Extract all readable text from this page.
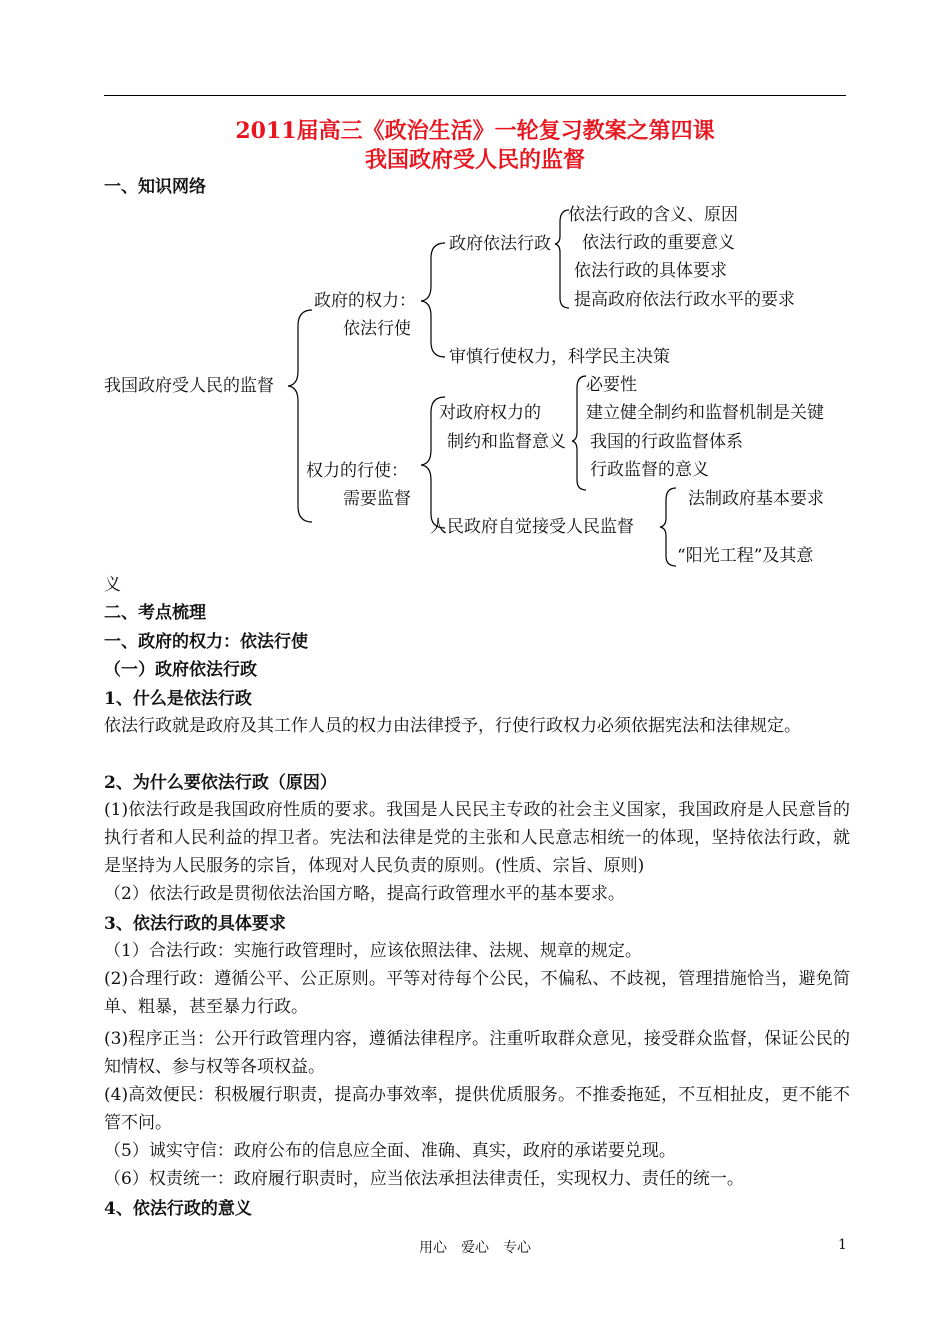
2011届高三《政治生活》一轮复习教案之第四课
我国政府受人民的监督
一、知识网络
我国政府受人民的监督
政府的权力：
依法行使
政府依法行政
依法行政的含义、原因
依法行政的重要意义
依法行政的具体要求
提高政府依法行政水平的要求
审慎行使权力，科学民主决策
权力的行使：
需要监督
对政府权力的
制约和监督意义
必要性
建立健全制约和监督机制是关键
我国的行政监督体系
行政监督的意义
人民政府自觉接受人民监督
法制政府基本要求
“阳光工程”及其意
义
二、考点梳理
一、政府的权力：依法行使
（一）政府依法行政
1、什么是依法行政
依法行政就是政府及其工作人员的权力由法律授予，行使行政权力必须依据宪法和法律规定。
2、为什么要依法行政（原因）
(1)依法行政是我国政府性质的要求。我国是人民民主专政的社会主义国家，我国政府是人民意旨的执行者和人民利益的捍卫者。宪法和法律是党的主张和人民意志相统一的体现，坚持依法行政，就是坚持为人民服务的宗旨，体现对人民负责的原则。(性质、宗旨、原则)
（2）依法行政是贯彻依法治国方略，提高行政管理水平的基本要求。
3、依法行政的具体要求
（1）合法行政：实施行政管理时，应该依照法律、法规、规章的规定。
(2)合理行政：遵循公平、公正原则。平等对待每个公民，不偏私、不歧视，管理措施恰当，避免简单、粗暴，甚至暴力行政。
(3)程序正当：公开行政管理内容，遵循法律程序。注重听取群众意见，接受群众监督，保证公民的知情权、参与权等各项权益。
(4)高效便民：积极履行职责，提高办事效率，提供优质服务。不推委拖延，不互相扯皮，更不能不管不问。
（5）诚实守信：政府公布的信息应全面、准确、真实，政府的承诺要兑现。
（6）权责统一：政府履行职责时，应当依法承担法律责任，实现权力、责任的统一。
4、依法行政的意义
用心　爱心　专心	1
